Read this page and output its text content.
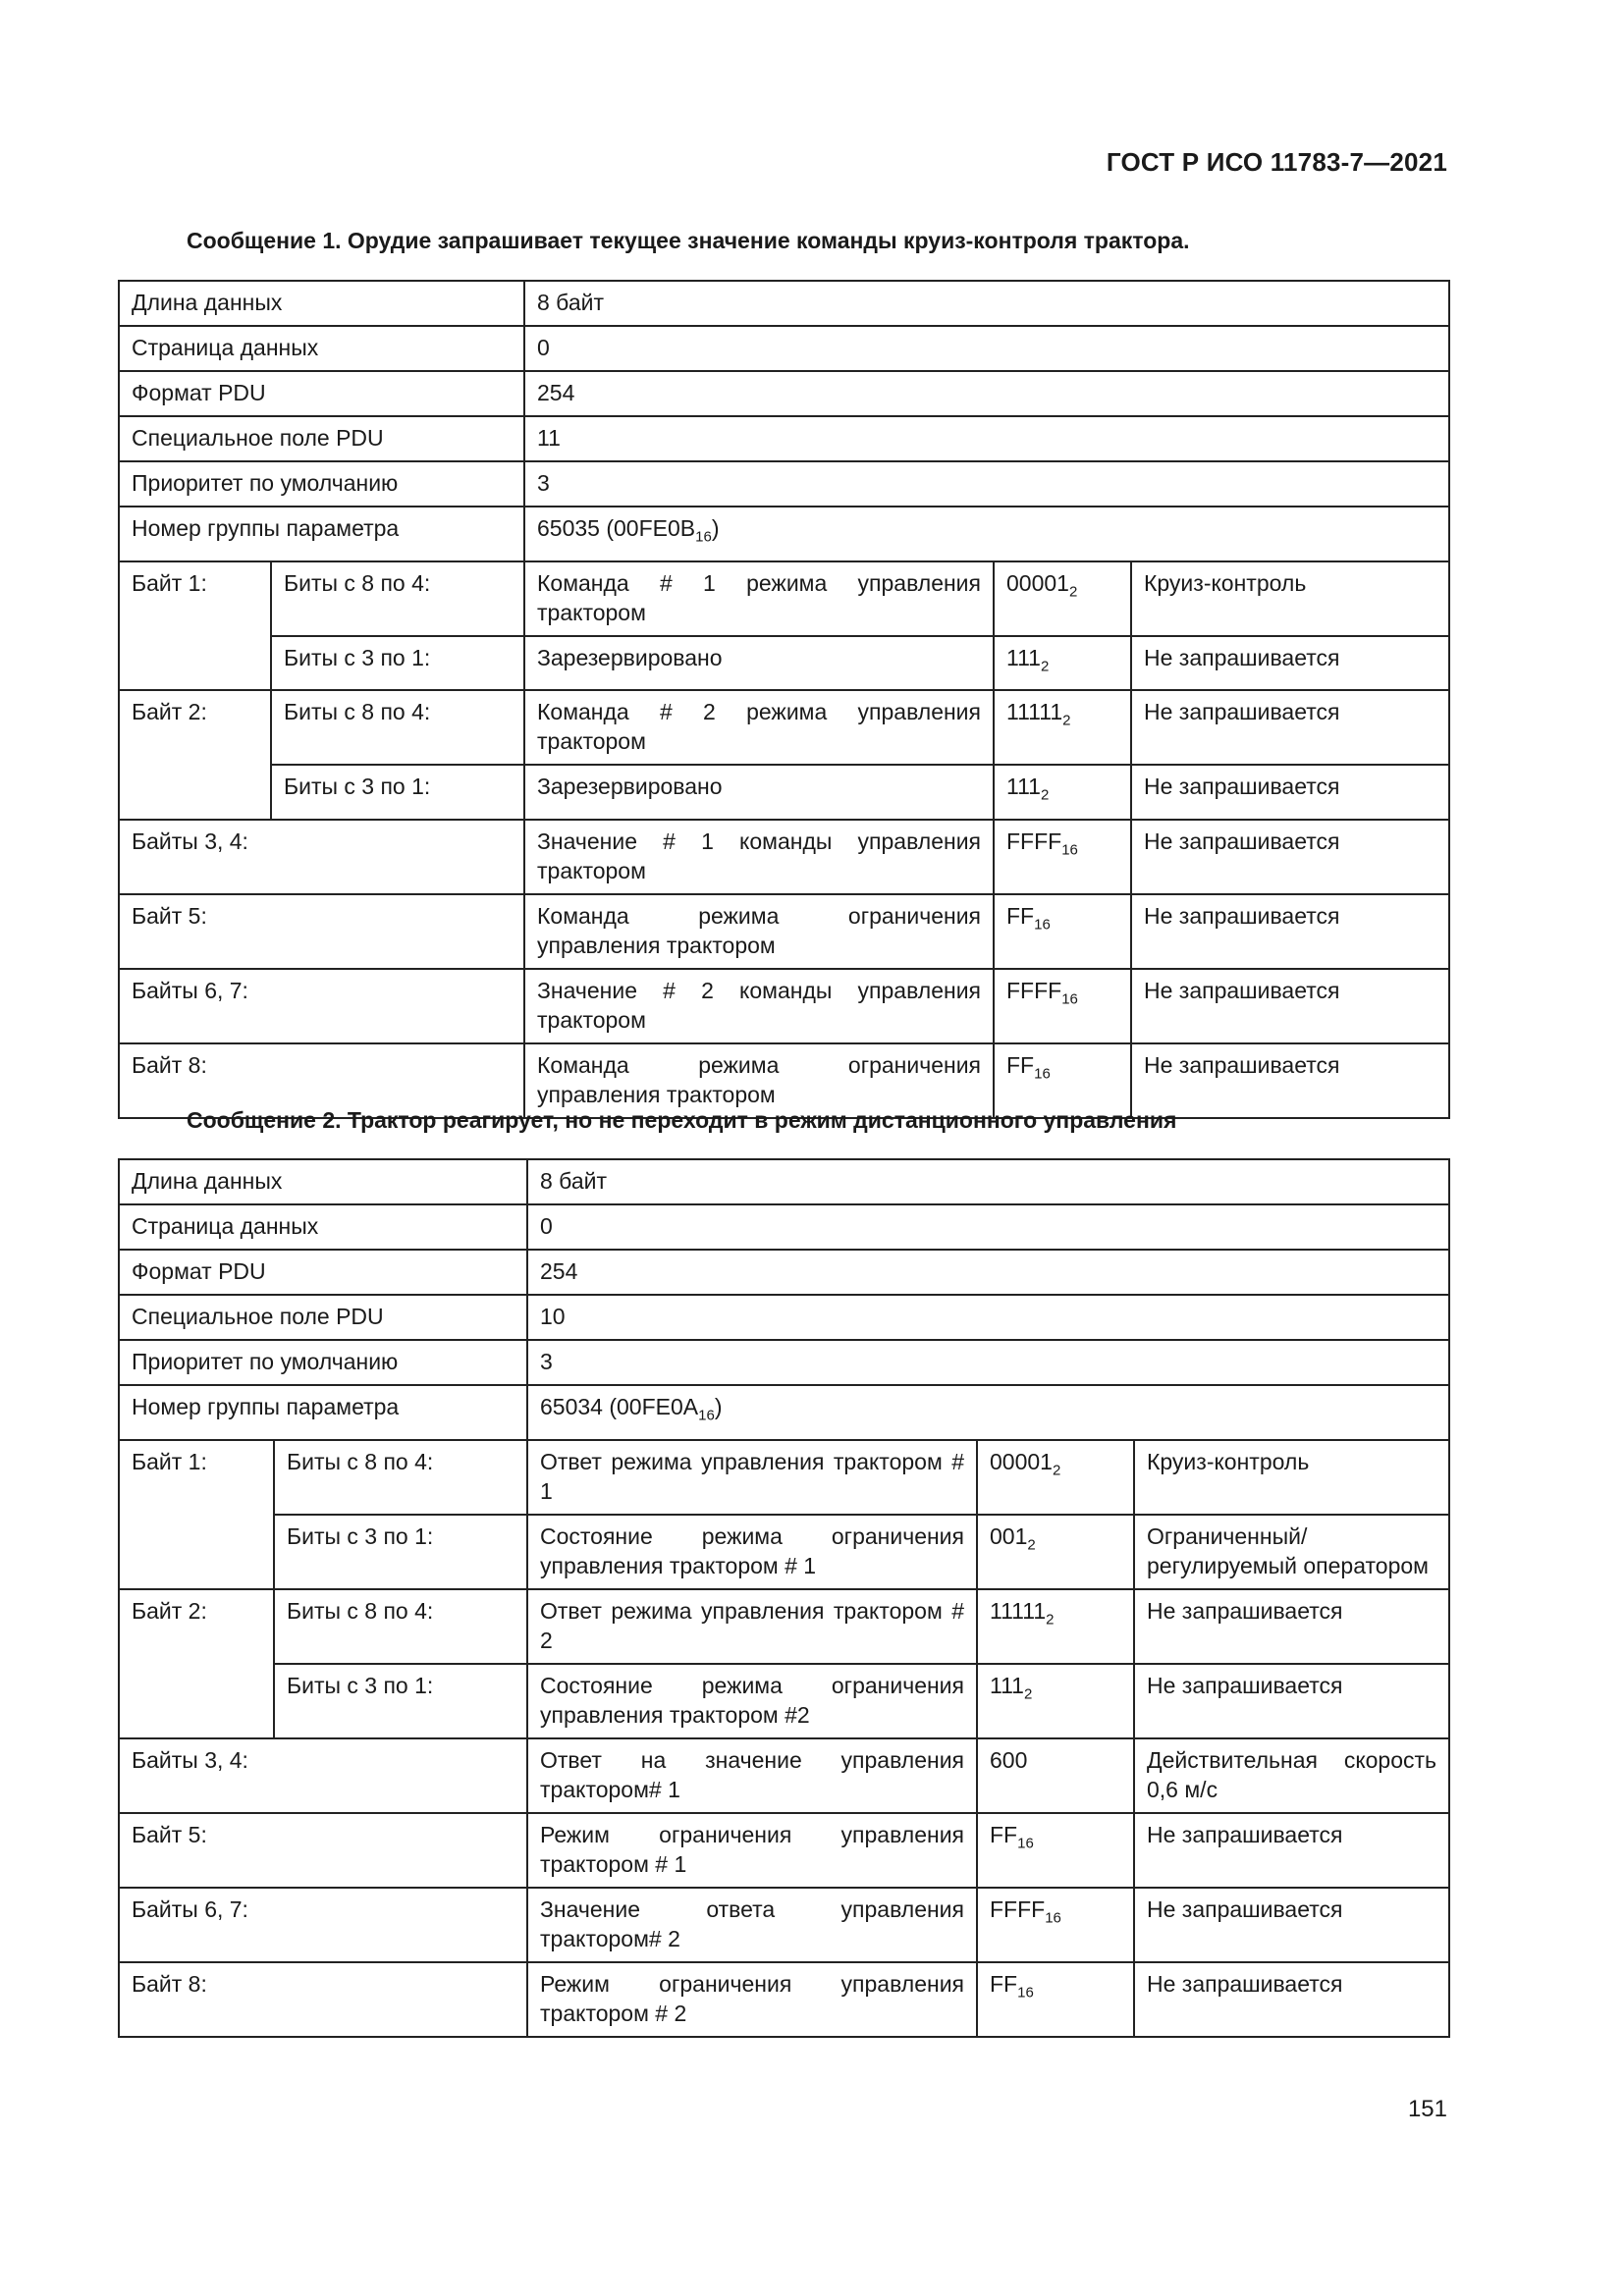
ГОСТ Р ИСО 11783-7—2021
Сообщение 1. Орудие запрашивает текущее значение команды круиз-контроля трактора.
Длина данных		8 байт		
Страница данных		0		
Формат PDU		254		
Специальное поле PDU		11		
Приоритет по умолчанию		3		
Номер группы параметра		65035 $(00FE0B_{16})$		
Байт 1:	Биты с 8 по 4:	Команда # 1 режима управления трактором	$00001_2$	Круиз-контроль
	Биты с 3 по 1:	Зарезервировано	$111_2$	Не запрашивается
Байт 2:	Биты с 8 по 4:	Команда # 2 режима управления трактором	$11111_2$	Не запрашивается
	Биты с 3 по 1:	Зарезервировано	$111_2$	Не запрашивается
Байты 3, 4:		Значение # 1 команды управления трактором	$FFFF_{16}$	Не запрашивается
Байт 5:		Команда режима ограничения управления трактором	$FF_{16}$	Не запрашивается
Байты 6, 7:		Значение # 2 команды управления трактором	$FFFF_{16}$	Не запрашивается
Байт 8:		Команда режима ограничения управления трактором	$FF_{16}$	Не запрашивается
Сообщение 2. Трактор реагирует, но не переходит в режим дистанционного управления
Длина данных		8 байт		
Страница данных		0		
Формат PDU		254		
Специальное поле PDU		10		
Приоритет по умолчанию		3		
Номер группы параметра		65034 $(00FE0A_{16})$		
Байт 1:	Биты с 8 по 4:	Ответ режима управления трактором # 1	$00001_2$	Круиз-контроль
	Биты с 3 по 1:	Состояние режима ограничения управления трактором # 1	$001_2$	Ограниченный/регулируемый оператором
Байт 2:	Биты с 8 по 4:	Ответ режима управления трактором # 2	$11111_2$	Не запрашивается
	Биты с 3 по 1:	Состояние режима ограничения управления трактором #2	$111_2$	Не запрашивается
Байты 3, 4:		Ответ на значение управления трактором# 1	600	Действительная скорость 0,6 м/с
Байт 5:		Режим ограничения управления трактором # 1	$FF_{16}$	Не запрашивается
Байты 6, 7:		Значение ответа управления трактором# 2	$FFFF_{16}$	Не запрашивается
Байт 8:		Режим ограничения управления трактором # 2	$FF_{16}$	Не запрашивается
151
